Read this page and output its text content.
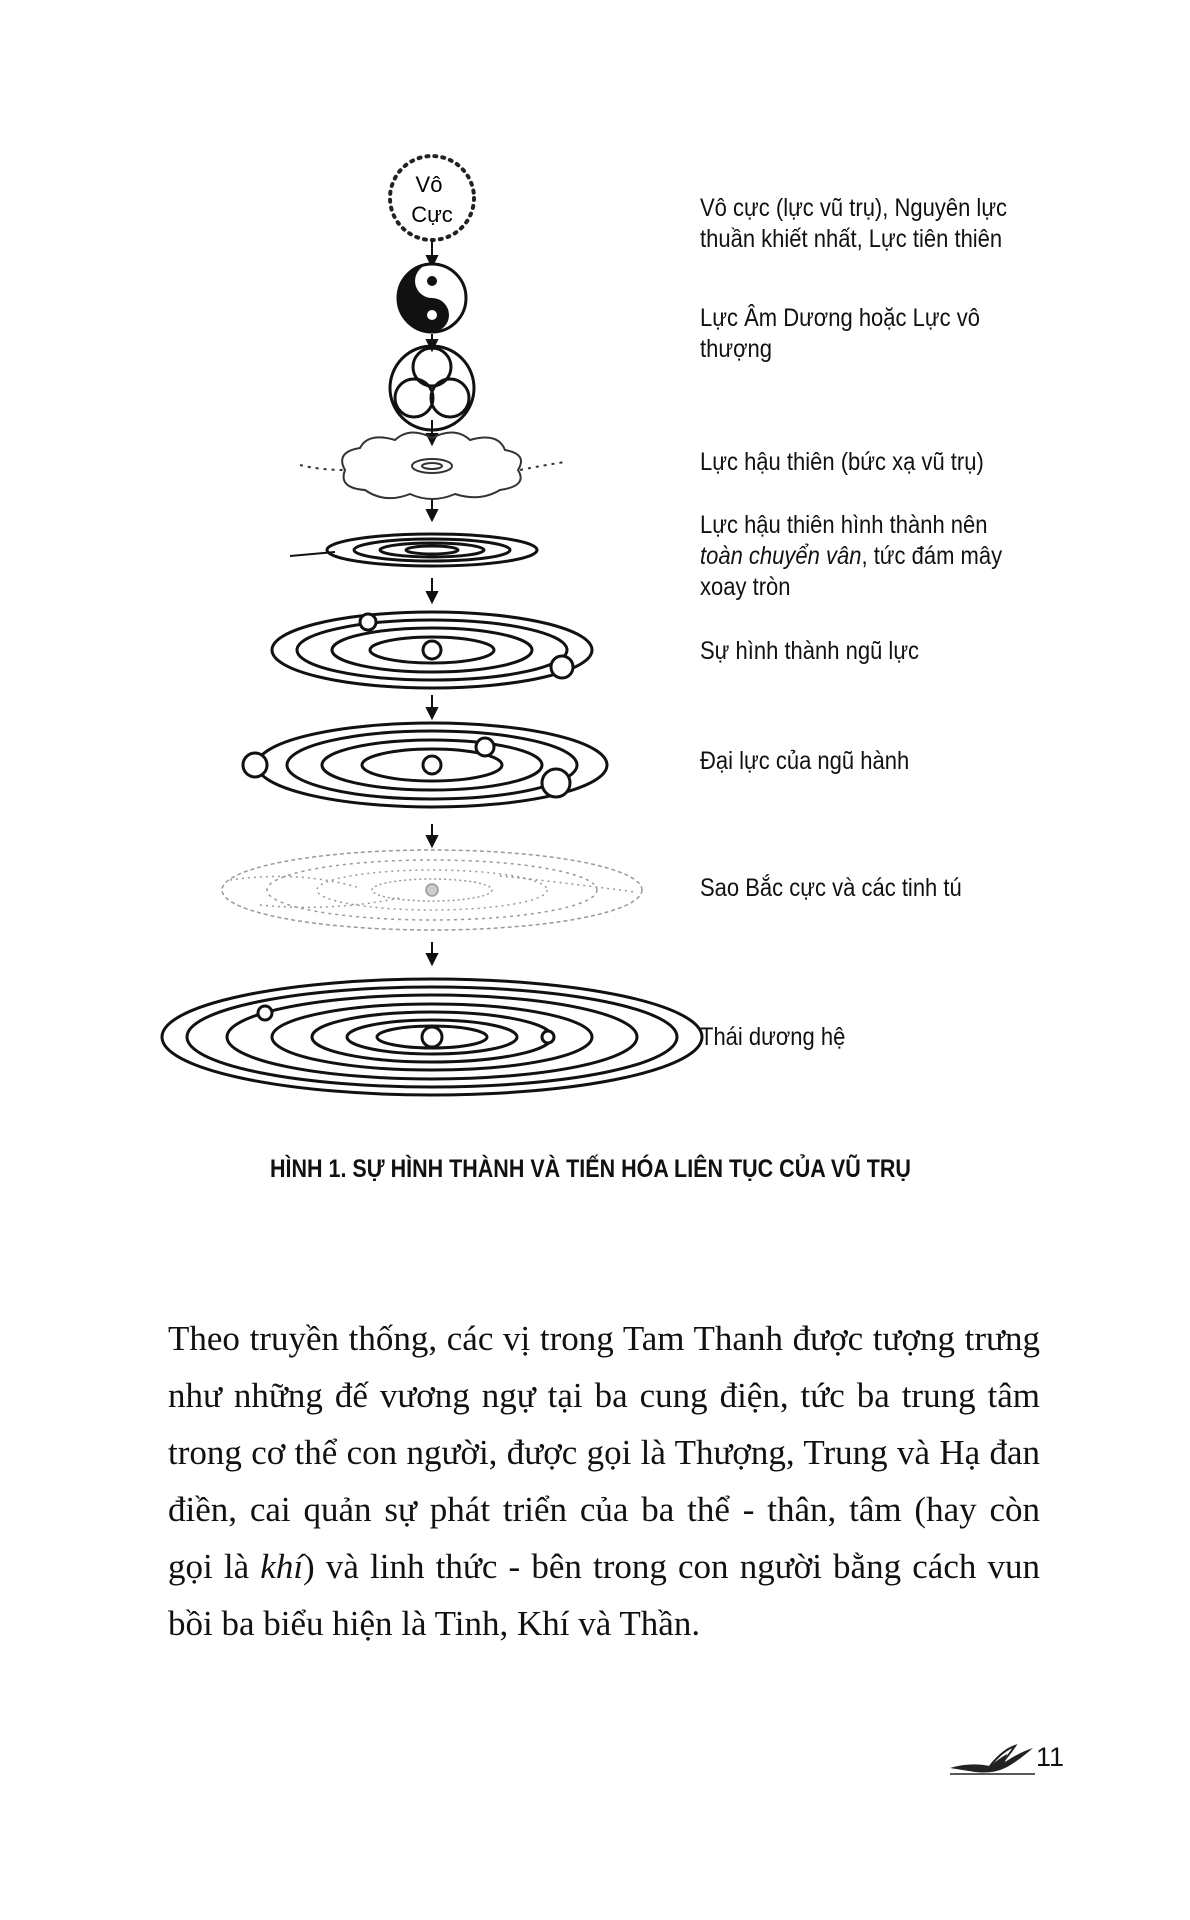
Vô
Cực	Vô cực (lực vũ trụ), Nguyên lực thuần khiết nhất, Lực tiên thiên
Lực Âm Dương hoặc Lực vô thượng
Lực hậu thiên (bức xạ vũ trụ)
Lực hậu thiên hình thành nên toàn chuyển vân, tức đám mây xoay tròn
Sự hình thành ngũ lực
Đại lực của ngũ hành
Sao Bắc cực và các tinh tú
Thái dương hệ
HÌNH 1. SỰ HÌNH THÀNH VÀ TIẾN HÓA LIÊN TỤC CỦA VŨ TRỤ

Theo truyền thống, các vị trong Tam Thanh được tượng trưng như những đế vương ngự tại ba cung điện, tức ba trung tâm trong cơ thể con người, được gọi là Thượng, Trung và Hạ đan điền, cai quản sự phát triển của ba thể - thân, tâm (hay còn gọi là khí) và linh thức - bên trong con người bằng cách vun bồi ba biểu hiện là Tinh, Khí và Thần.

11
